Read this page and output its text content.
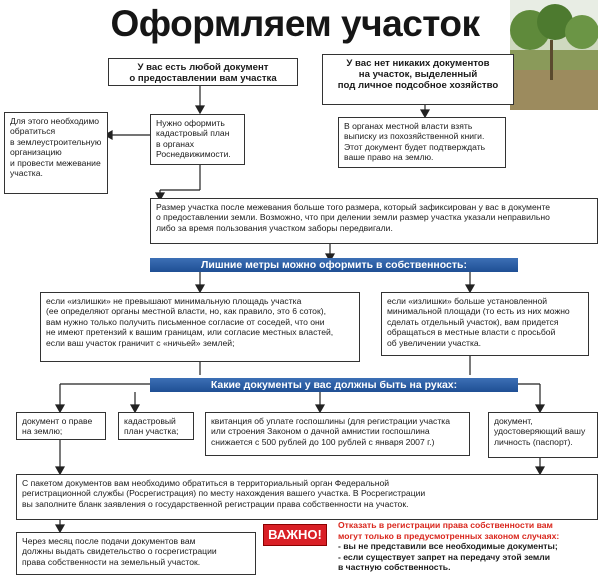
Оформляем участок
У вас есть любой документ
о предоставлении вам участка
У вас нет никаких документов
на участок, выделенный
под личное подсобное хозяйство
Для этого необходимо
обратиться
в землеустроительную
организацию
и провести межевание
участка.
Нужно оформить
кадастровый план
в органах
Роснедвижимости.
В органах местной власти взять
выписку из похозяйственной книги.
Этот документ будет подтверждать
ваше право на землю.
Размер участка после межевания больше того размера, который зафиксирован у вас в документе
о предоставлении земли. Возможно, что при делении земли размер участка указали неправильно
либо за время пользования участком заборы передвигали.
Лишние метры можно оформить в собственность:
если «излишки» не превышают минимальную площадь участка
(ее определяют органы местной власти, но, как правило, это 6 соток),
вам нужно только получить письменное согласие от соседей, что они
не имеют претензий к вашим границам, или согласие местных властей,
если ваш участок граничит с «ничьей» землей;
если «излишки» больше установленной
минимальной площади (то есть из них можно
сделать отдельный участок), вам придется
обращаться в местные власти с просьбой
об увеличении участка.
Какие документы у вас должны быть на руках:
документ о праве
на землю;
кадастровый
план участка;
квитанция об уплате госпошлины (для регистрации участка
или строения Законом о дачной амнистии госпошлина
снижается с 500 рублей до 100 рублей с января 2007 г.)
документ,
удостоверяющий вашу
личность (паспорт).
С пакетом документов вам необходимо обратиться в территориальный орган Федеральной
регистрационной службы (Росрегистрация) по месту нахождения вашего участка. В Росрегистрации
вы заполните бланк заявления о государственной регистрации права собственности на участок.
Через месяц после подачи документов вам
должны выдать свидетельство о госрегистрации
права собственности на земельный участок.
ВАЖНО!
Отказать в регистрации права собственности вам
могут только в предусмотренных законом случаях:
- вы не представили все необходимые документы;
- если существует запрет на передачу этой земли
в частную собственность.
